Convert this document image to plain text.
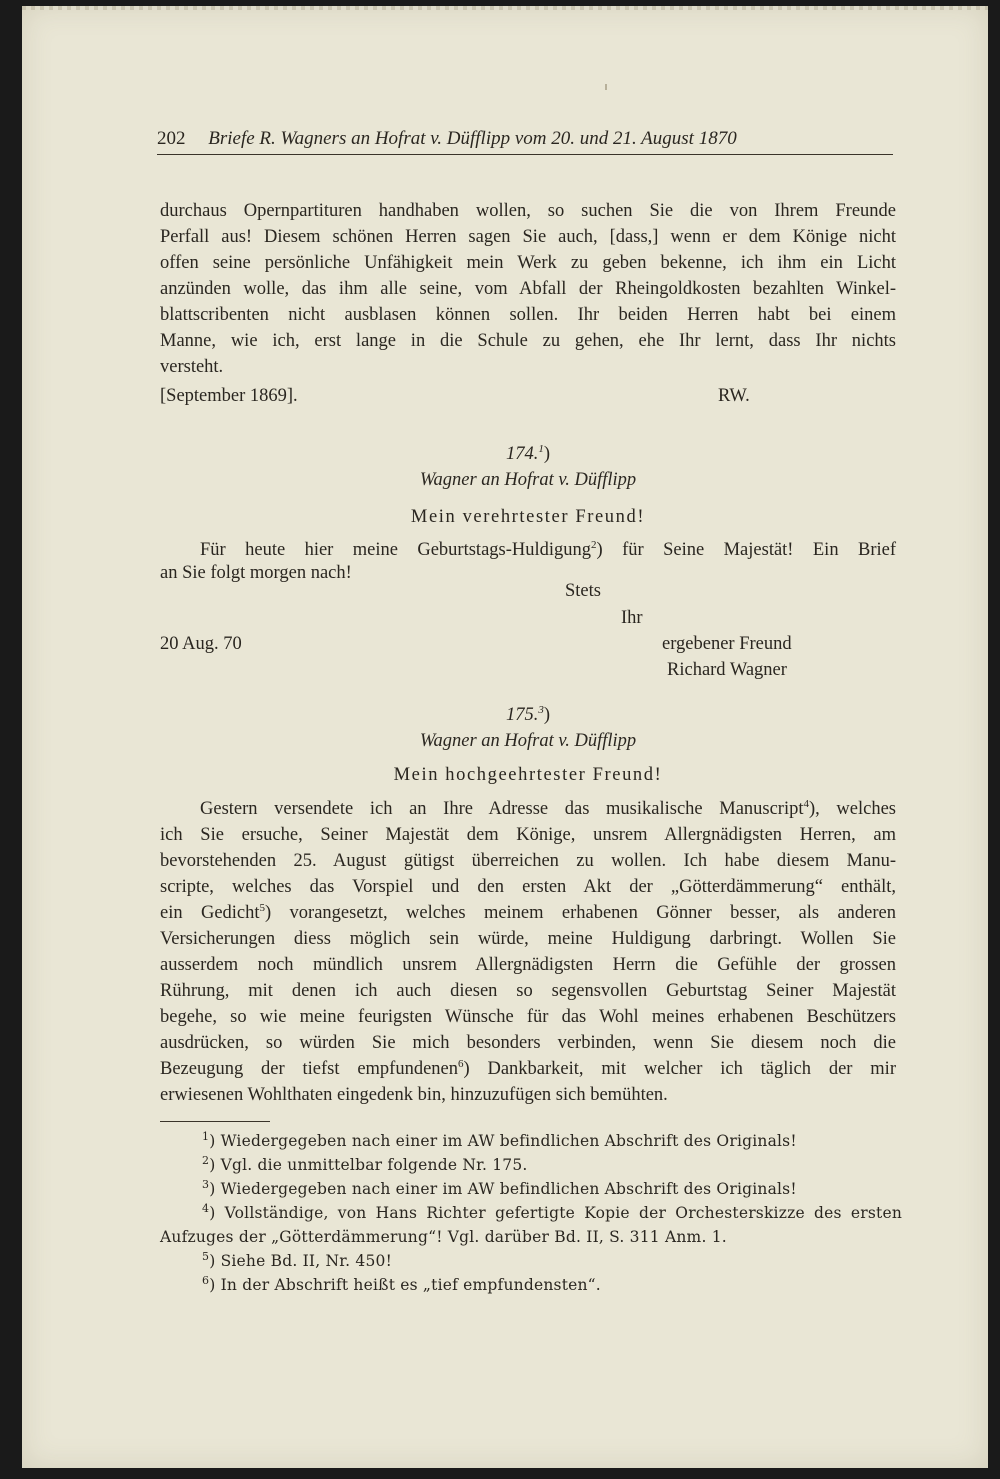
202 Briefe R. Wagners an Hofrat v. Düfflipp vom 20. und 21. August 1870
durchaus Opernpartituren handhaben wollen, so suchen Sie die von Ihrem Freunde
Perfall aus! Diesem schönen Herren sagen Sie auch, [dass,] wenn er dem Könige nicht
offen seine persönliche Unfähigkeit mein Werk zu geben bekenne, ich ihm ein Licht
anzünden wolle, das ihm alle seine, vom Abfall der Rheingoldkosten bezahlten Winkel-
blattscribenten nicht ausblasen können sollen. Ihr beiden Herren habt bei einem
Manne, wie ich, erst lange in die Schule zu gehen, ehe Ihr lernt, dass Ihr nichts
versteht.
[September 1869].	RW.
174.$^1$)
Wagner an Hofrat v. Düfflipp
Mein verehrtester Freund!
Für heute hier meine Geburtstags-Huldigung$^2$) für Seine Majestät! Ein Brief
an Sie folgt morgen nach!
Stets
Ihr
20 Aug. 70	ergebener Freund
Richard Wagner
175.$^3$)
Wagner an Hofrat v. Düfflipp
Mein hochgeehrtester Freund!
Gestern versendete ich an Ihre Adresse das musikalische Manuscript$^4$), welches
ich Sie ersuche, Seiner Majestät dem Könige, unsrem Allergnädigsten Herren, am
bevorstehenden 25. August gütigst überreichen zu wollen. Ich habe diesem Manu-
scripte, welches das Vorspiel und den ersten Akt der „Götterdämmerung“ enthält,
ein Gedicht$^5$) vorangesetzt, welches meinem erhabenen Gönner besser, als anderen
Versicherungen diess möglich sein würde, meine Huldigung darbringt. Wollen Sie
ausserdem noch mündlich unsrem Allergnädigsten Herrn die Gefühle der grossen
Rührung, mit denen ich auch diesen so segensvollen Geburtstag Seiner Majestät
begehe, so wie meine feurigsten Wünsche für das Wohl meines erhabenen Beschützers
ausdrücken, so würden Sie mich besonders verbinden, wenn Sie diesem noch die
Bezeugung der tiefst empfundenen$^6$) Dankbarkeit, mit welcher ich täglich der mir
erwiesenen Wohlthaten eingedenk bin, hinzuzufügen sich bemühten.
$^1$) Wiedergegeben nach einer im AW befindlichen Abschrift des Originals!
$^2$) Vgl. die unmittelbar folgende Nr. 175.
$^3$) Wiedergegeben nach einer im AW befindlichen Abschrift des Originals!
$^4$) Vollständige, von Hans Richter gefertigte Kopie der Orchesterskizze des ersten
Aufzuges der „Götterdämmerung“! Vgl. darüber Bd. II, S. 311 Anm. 1.
$^5$) Siehe Bd. II, Nr. 450!
$^6$) In der Abschrift heißt es „tief empfundensten“.
